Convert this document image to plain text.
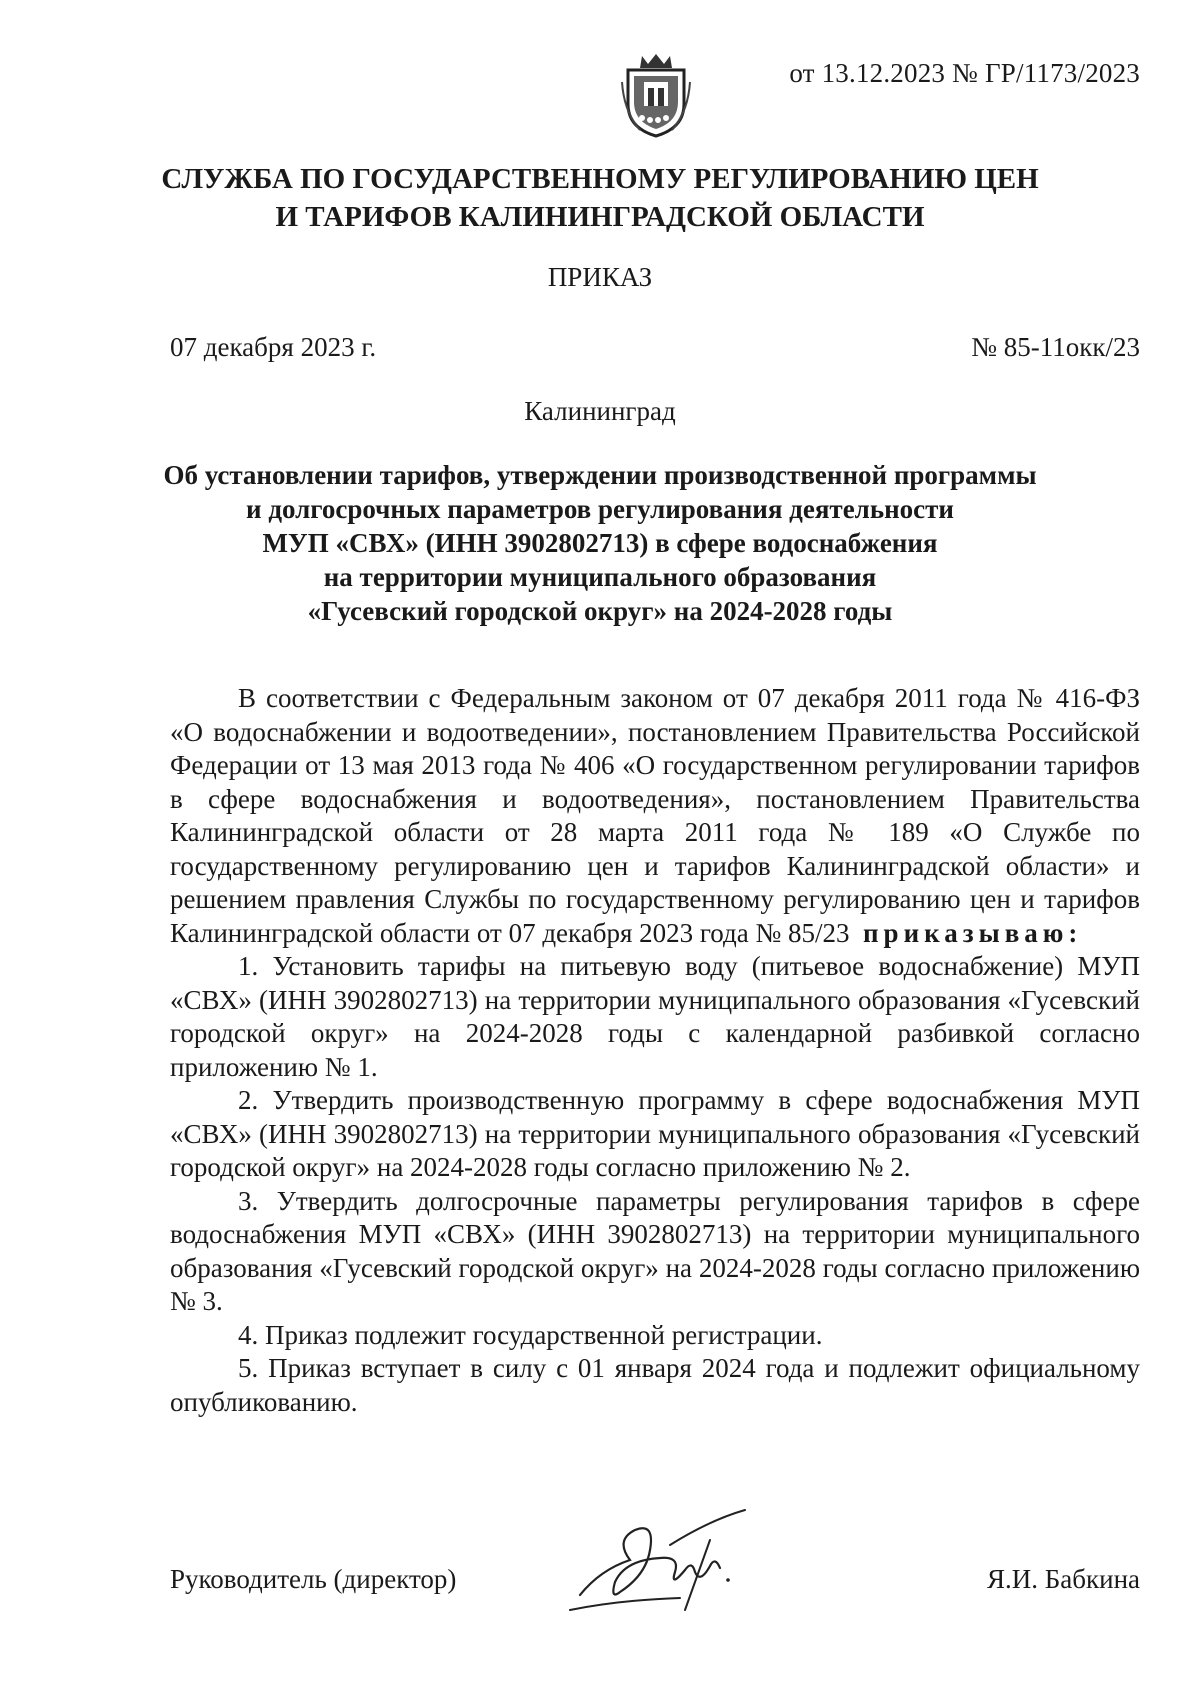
от 13.12.2023 № ГР/1173/2023
СЛУЖБА ПО ГОСУДАРСТВЕННОМУ РЕГУЛИРОВАНИЮ ЦЕН
И ТАРИФОВ КАЛИНИНГРАДСКОЙ ОБЛАСТИ
ПРИКАЗ
07 декабря 2023 г.	№ 85-11окк/23
Калининград
Об установлении тарифов, утверждении производственной программы
и долгосрочных параметров регулирования деятельности
МУП «СВХ» (ИНН 3902802713) в сфере водоснабжения
на территории муниципального образования
«Гусевский городской округ» на 2024-2028 годы

В соответствии с Федеральным законом от 07 декабря 2011 года № 416-ФЗ «О водоснабжении и водоотведении», постановлением Правительства Российской Федерации от 13 мая 2013 года № 406 «О государственном регулировании тарифов в сфере водоснабжения и водоотведения», постановлением Правительства Калининградской области от 28 марта 2011 года № 189 «О Службе по государственному регулированию цен и тарифов Калининградской области» и решением правления Службы по государственному регулированию цен и тарифов Калининградской области от 07 декабря 2023 года № 85/23 приказываю:

1. Установить тарифы на питьевую воду (питьевое водоснабжение) МУП «СВХ» (ИНН 3902802713) на территории муниципального образования «Гусевский городской округ» на 2024-2028 годы с календарной разбивкой согласно приложению № 1.

2. Утвердить производственную программу в сфере водоснабжения МУП «СВХ» (ИНН 3902802713) на территории муниципального образования «Гусевский городской округ» на 2024-2028 годы согласно приложению № 2.

3. Утвердить долгосрочные параметры регулирования тарифов в сфере водоснабжения МУП «СВХ» (ИНН 3902802713) на территории муниципального образования «Гусевский городской округ» на 2024-2028 годы согласно приложению № 3.

4. Приказ подлежит государственной регистрации.

5. Приказ вступает в силу с 01 января 2024 года и подлежит официальному опубликованию.

Руководитель (директор)	Я.И. Бабкина
